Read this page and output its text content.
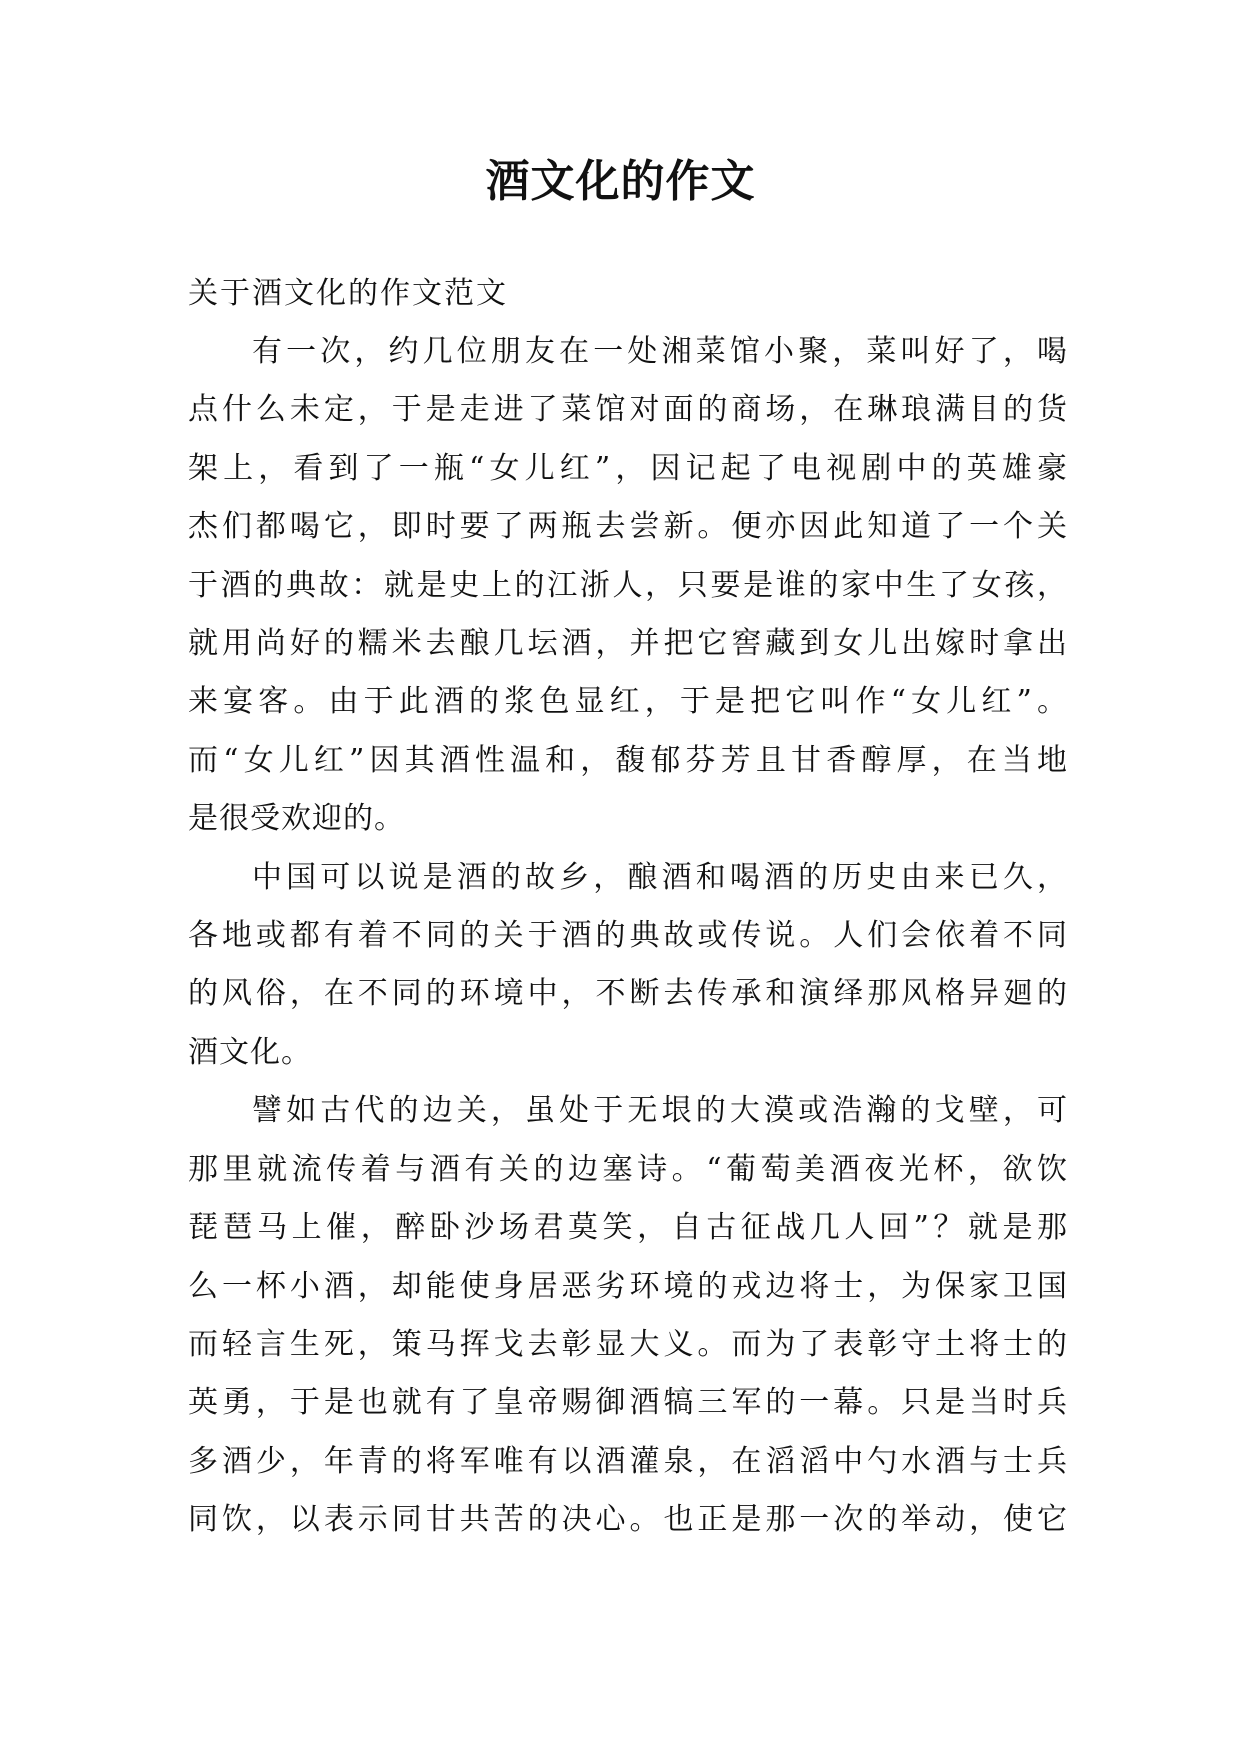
酒文化的作文

关于酒文化的作文范文

有一次，约几位朋友在一处湘菜馆小聚，菜叫好了，喝
点什么未定，于是走进了菜馆对面的商场，在琳琅满目的货
架上，看到了一瓶“女儿红”，因记起了电视剧中的英雄豪
杰们都喝它，即时要了两瓶去尝新。便亦因此知道了一个关
于酒的典故：就是史上的江浙人，只要是谁的家中生了女孩，
就用尚好的糯米去酿几坛酒，并把它窖藏到女儿出嫁时拿出
来宴客。由于此酒的浆色显红，于是把它叫作“女儿红”。
而“女儿红”因其酒性温和，馥郁芬芳且甘香醇厚，在当地
是很受欢迎的。

中国可以说是酒的故乡，酿酒和喝酒的历史由来已久，
各地或都有着不同的关于酒的典故或传说。人们会依着不同
的风俗，在不同的环境中，不断去传承和演绎那风格异廻的
酒文化。

譬如古代的边关，虽处于无垠的大漠或浩瀚的戈壁，可
那里就流传着与酒有关的边塞诗。“葡萄美酒夜光杯，欲饮
琵琶马上催，醉卧沙场君莫笑，自古征战几人回”？就是那
么一杯小酒，却能使身居恶劣环境的戎边将士，为保家卫国
而轻言生死，策马挥戈去彰显大义。而为了表彰守土将士的
英勇，于是也就有了皇帝赐御酒犒三军的一幕。只是当时兵
多酒少，年青的将军唯有以酒灌泉，在滔滔中勺水酒与士兵
同饮，以表示同甘共苦的决心。也正是那一次的举动，使它
